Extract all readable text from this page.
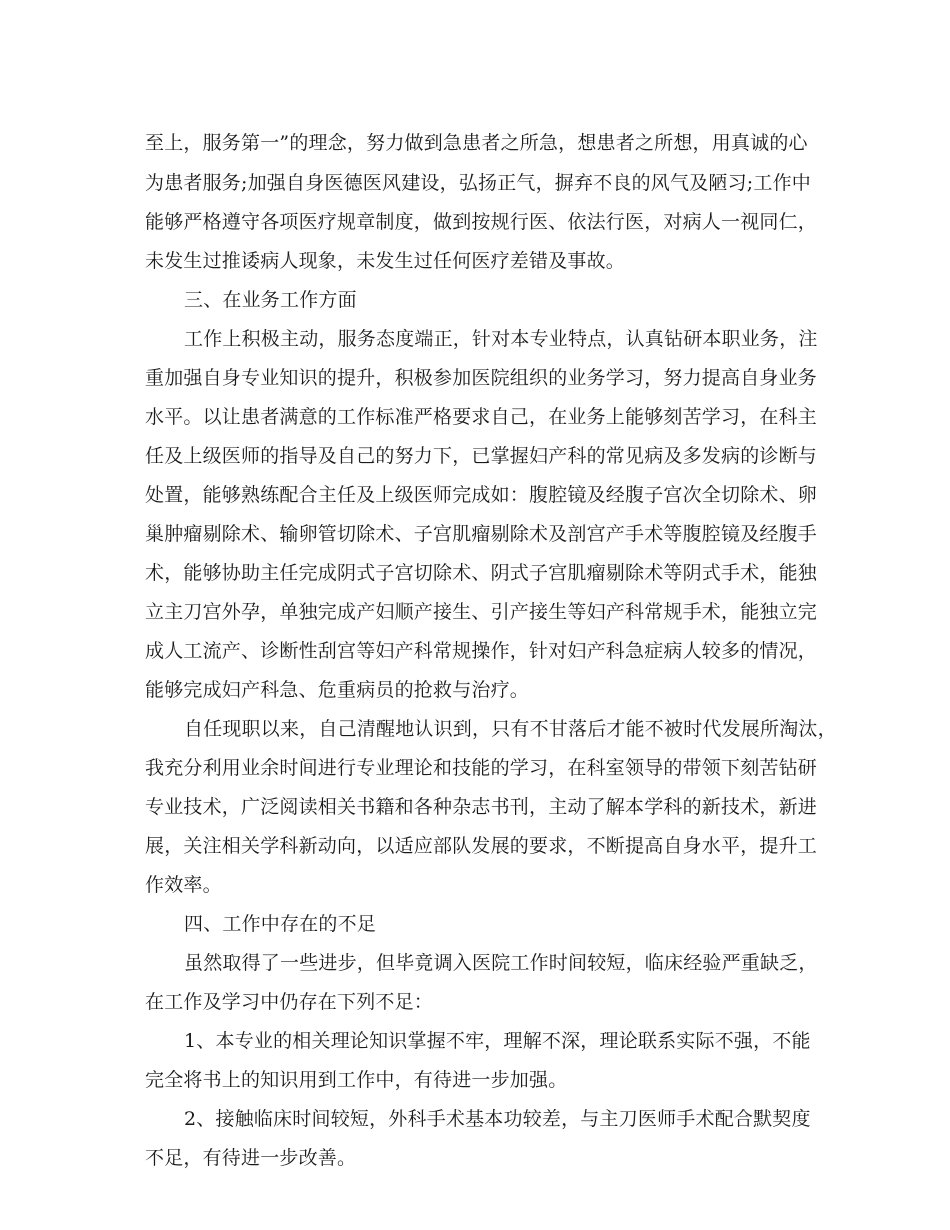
至上，服务第一”的理念，努力做到急患者之所急，想患者之所想，用真诚的心
为患者服务;加强自身医德医风建设，弘扬正气，摒弃不良的风气及陋习;工作中
能够严格遵守各项医疗规章制度，做到按规行医、依法行医，对病人一视同仁，
未发生过推诿病人现象，未发生过任何医疗差错及事故。
三、在业务工作方面
工作上积极主动，服务态度端正，针对本专业特点，认真钻研本职业务，注
重加强自身专业知识的提升，积极参加医院组织的业务学习，努力提高自身业务
水平。以让患者满意的工作标准严格要求自己，在业务上能够刻苦学习，在科主
任及上级医师的指导及自己的努力下，已掌握妇产科的常见病及多发病的诊断与
处置，能够熟练配合主任及上级医师完成如：腹腔镜及经腹子宫次全切除术、卵
巢肿瘤剔除术、输卵管切除术、子宫肌瘤剔除术及剖宫产手术等腹腔镜及经腹手
术，能够协助主任完成阴式子宫切除术、阴式子宫肌瘤剔除术等阴式手术，能独
立主刀宫外孕，单独完成产妇顺产接生、引产接生等妇产科常规手术，能独立完
成人工流产、诊断性刮宫等妇产科常规操作，针对妇产科急症病人较多的情况，
能够完成妇产科急、危重病员的抢救与治疗。
自任现职以来，自己清醒地认识到，只有不甘落后才能不被时代发展所淘汰，
我充分利用业余时间进行专业理论和技能的学习，在科室领导的带领下刻苦钻研
专业技术，广泛阅读相关书籍和各种杂志书刊，主动了解本学科的新技术，新进
展，关注相关学科新动向，以适应部队发展的要求，不断提高自身水平，提升工
作效率。
四、工作中存在的不足
虽然取得了一些进步，但毕竟调入医院工作时间较短，临床经验严重缺乏，
在工作及学习中仍存在下列不足：
1、本专业的相关理论知识掌握不牢，理解不深，理论联系实际不强，不能
完全将书上的知识用到工作中，有待进一步加强。
2、接触临床时间较短，外科手术基本功较差，与主刀医师手术配合默契度
不足，有待进一步改善。
